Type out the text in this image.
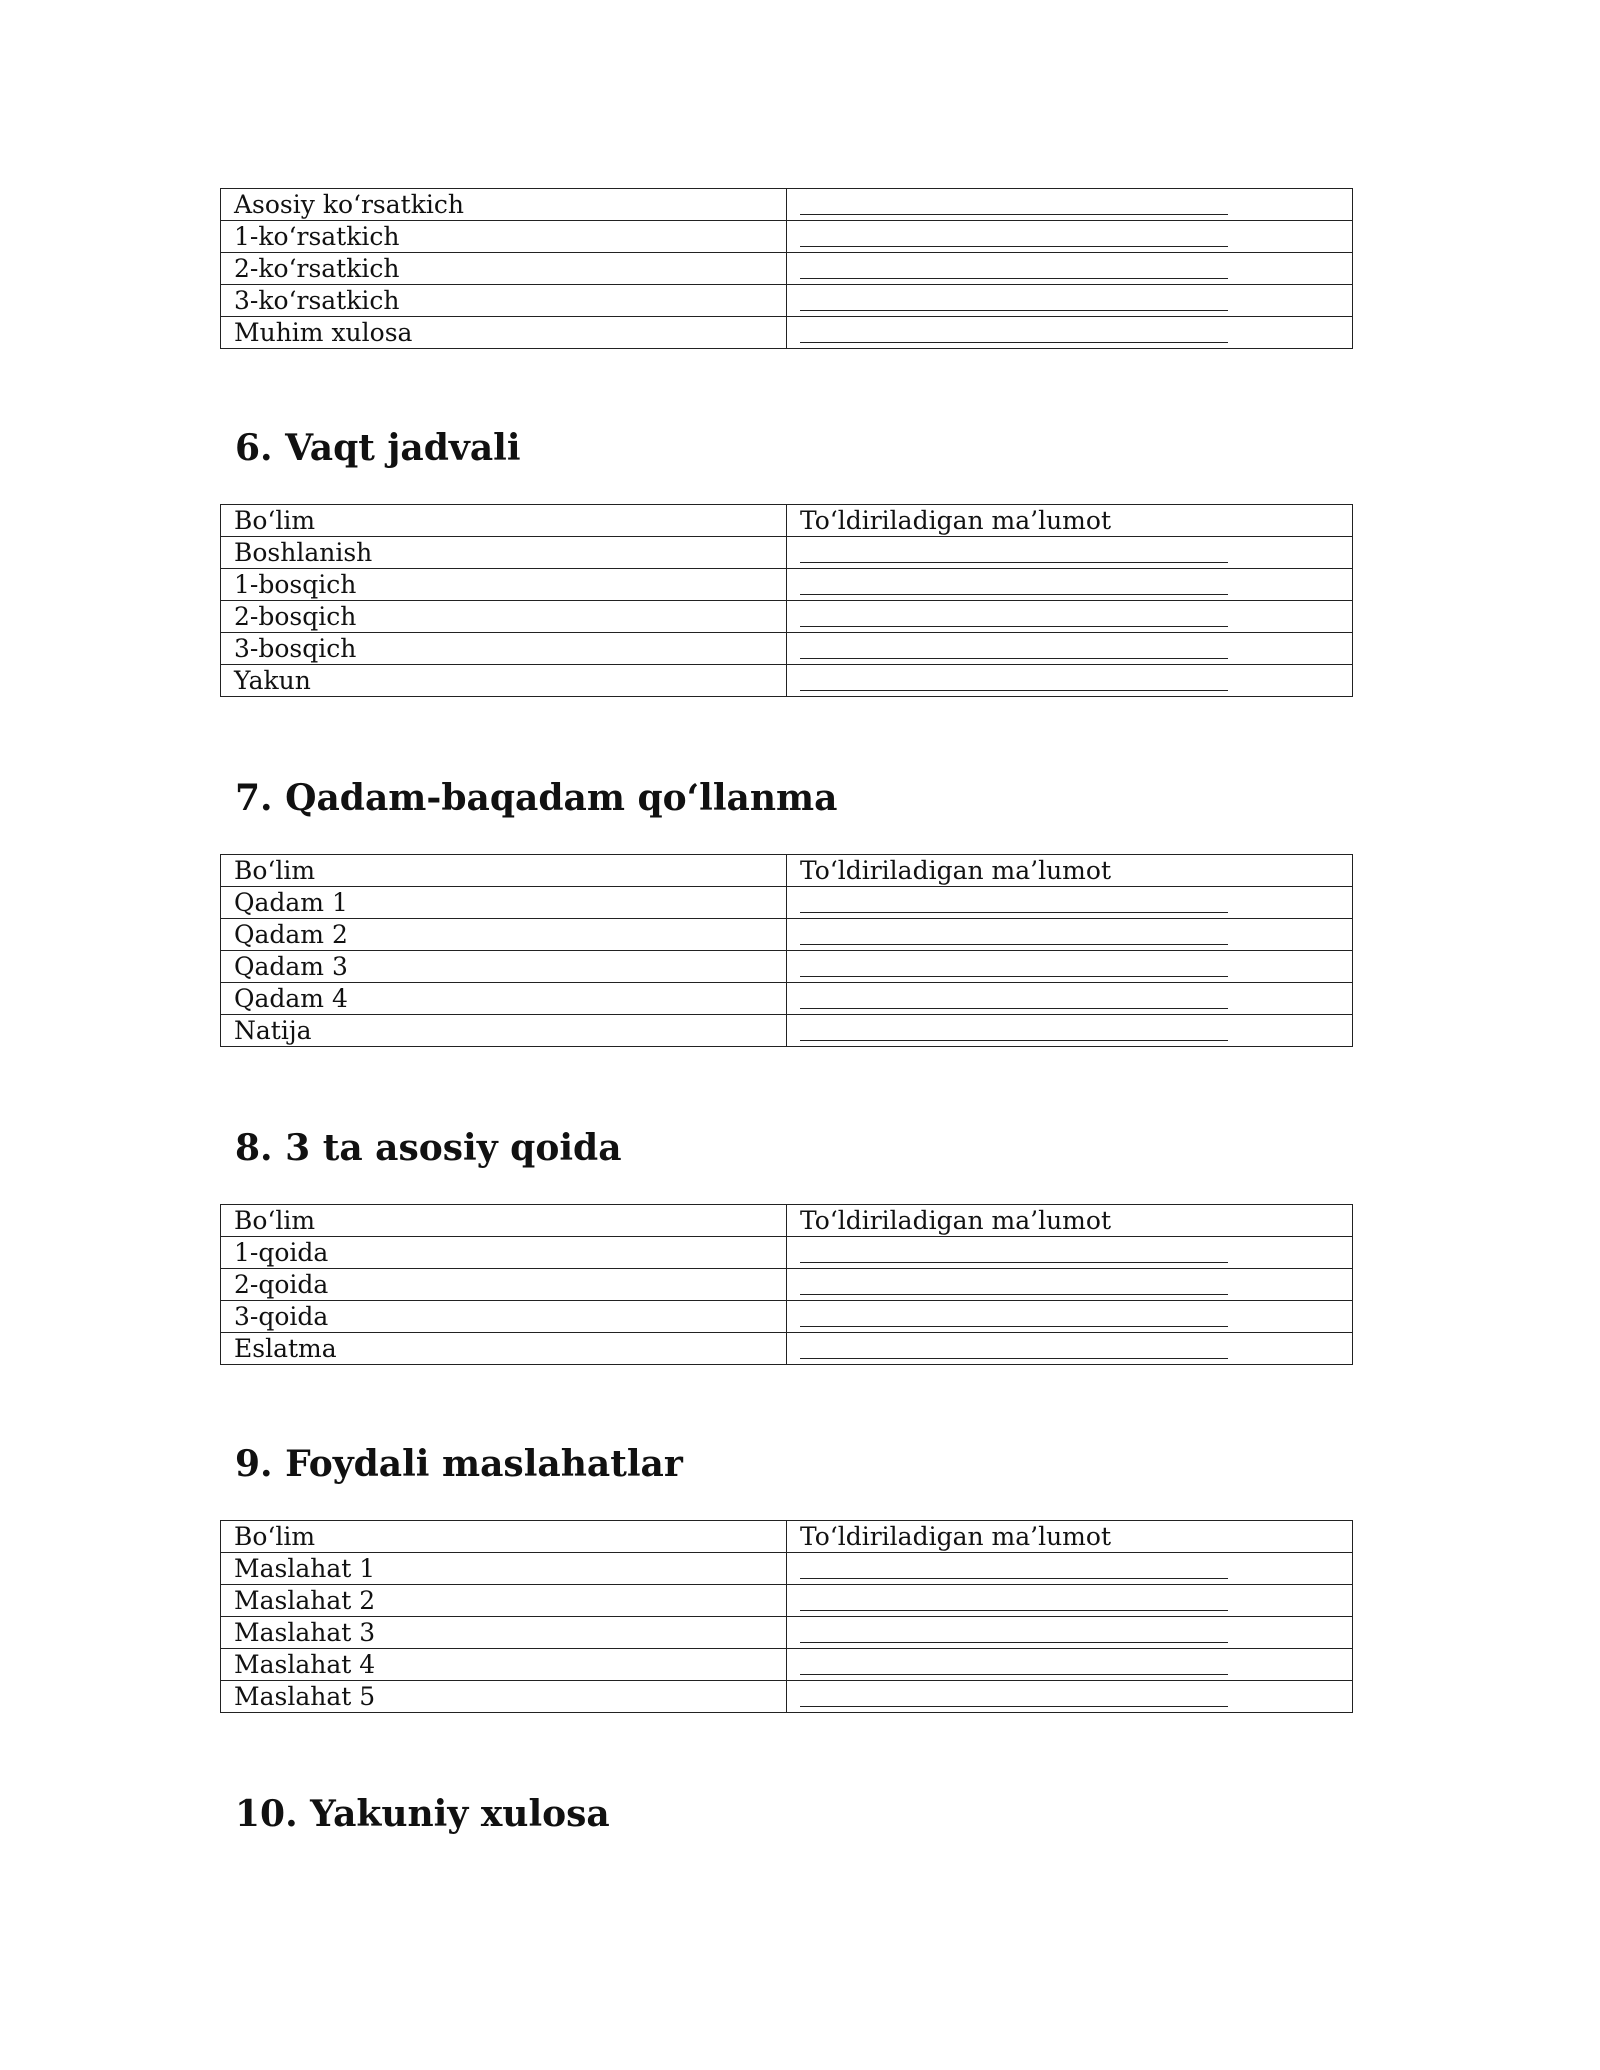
Asosiy ko‘rsatkich	

1-ko‘rsatkich	

2-ko‘rsatkich	

3-ko‘rsatkich	

Muhim xulosa	
6. Vaqt jadvali
Bo‘lim	To‘ldiriladigan ma’lumot
Boshlanish	

1-bosqich	

2-bosqich	

3-bosqich	

Yakun	
7. Qadam-baqadam qo‘llanma
Bo‘lim	To‘ldiriladigan ma’lumot
Qadam 1	

Qadam 2	

Qadam 3	

Qadam 4	

Natija	
8. 3 ta asosiy qoida
Bo‘lim	To‘ldiriladigan ma’lumot
1-qoida	

2-qoida	

3-qoida	

Eslatma	
9. Foydali maslahatlar
Bo‘lim	To‘ldiriladigan ma’lumot
Maslahat 1	

Maslahat 2	

Maslahat 3	

Maslahat 4	

Maslahat 5	
10. Yakuniy xulosa
